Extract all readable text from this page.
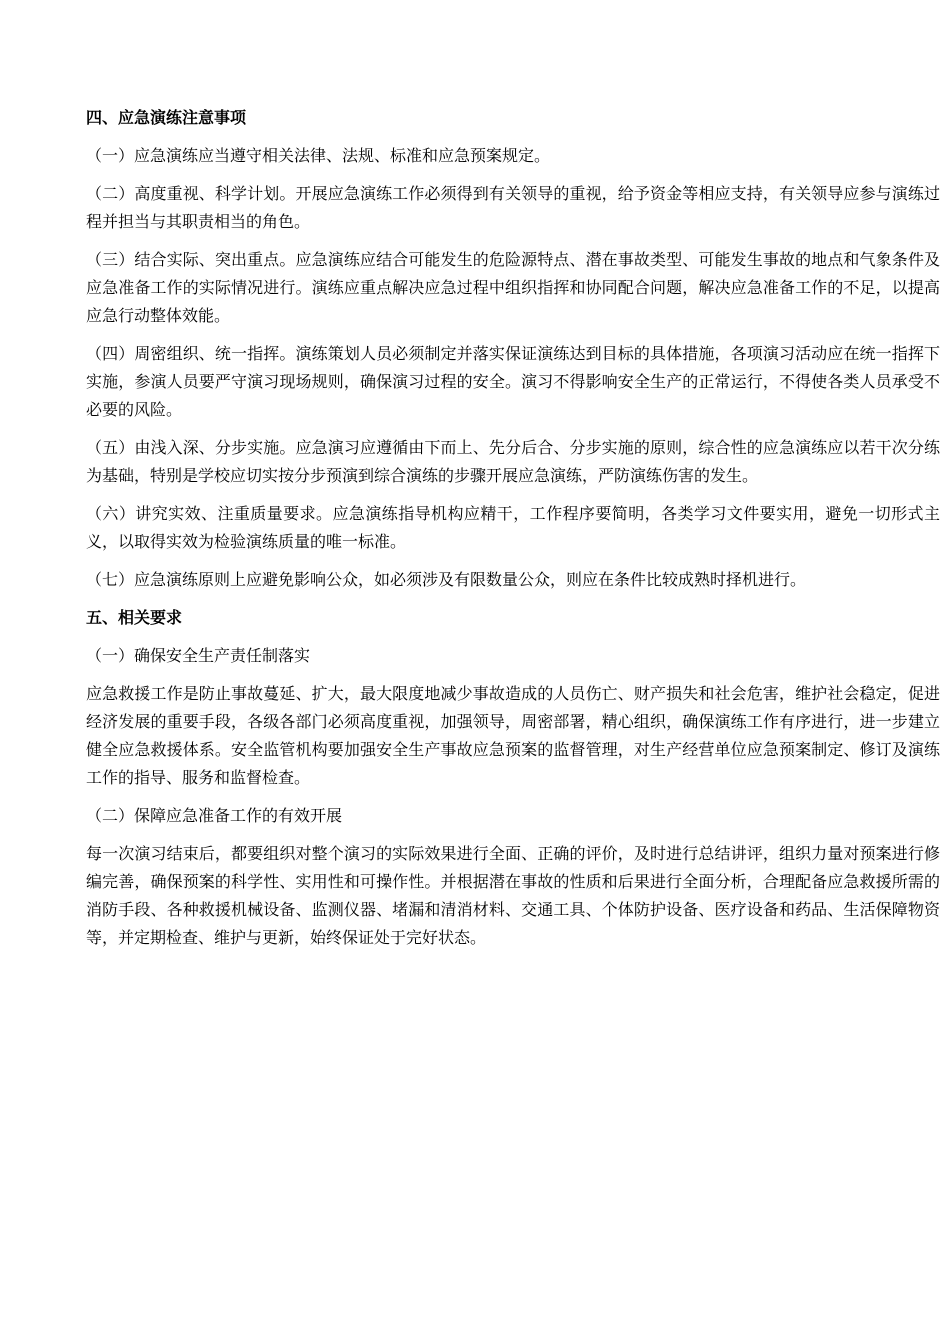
四、应急演练注意事项
（一）应急演练应当遵守相关法律、法规、标准和应急预案规定。
（二）高度重视、科学计划。开展应急演练工作必须得到有关领导的重视，给予资金等相应支持，有关领导应参与演练过程并担当与其职责相当的角色。
（三）结合实际、突出重点。应急演练应结合可能发生的危险源特点、潜在事故类型、可能发生事故的地点和气象条件及应急准备工作的实际情况进行。演练应重点解决应急过程中组织指挥和协同配合问题，解决应急准备工作的不足，以提高应急行动整体效能。
（四）周密组织、统一指挥。演练策划人员必须制定并落实保证演练达到目标的具体措施，各项演习活动应在统一指挥下实施，参演人员要严守演习现场规则，确保演习过程的安全。演习不得影响安全生产的正常运行，不得使各类人员承受不必要的风险。
（五）由浅入深、分步实施。应急演习应遵循由下而上、先分后合、分步实施的原则，综合性的应急演练应以若干次分练为基础，特别是学校应切实按分步预演到综合演练的步骤开展应急演练，严防演练伤害的发生。
（六）讲究实效、注重质量要求。应急演练指导机构应精干，工作程序要简明，各类学习文件要实用，避免一切形式主义，以取得实效为检验演练质量的唯一标准。
（七）应急演练原则上应避免影响公众，如必须涉及有限数量公众，则应在条件比较成熟时择机进行。
五、相关要求
（一）确保安全生产责任制落实
应急救援工作是防止事故蔓延、扩大，最大限度地减少事故造成的人员伤亡、财产损失和社会危害，维护社会稳定，促进经济发展的重要手段，各级各部门必须高度重视，加强领导，周密部署，精心组织，确保演练工作有序进行，进一步建立健全应急救援体系。安全监管机构要加强安全生产事故应急预案的监督管理，对生产经营单位应急预案制定、修订及演练工作的指导、服务和监督检查。
（二）保障应急准备工作的有效开展
每一次演习结束后，都要组织对整个演习的实际效果进行全面、正确的评价，及时进行总结讲评，组织力量对预案进行修编完善，确保预案的科学性、实用性和可操作性。并根据潜在事故的性质和后果进行全面分析，合理配备应急救援所需的消防手段、各种救援机械设备、监测仪器、堵漏和清消材料、交通工具、个体防护设备、医疗设备和药品、生活保障物资等，并定期检查、维护与更新，始终保证处于完好状态。
